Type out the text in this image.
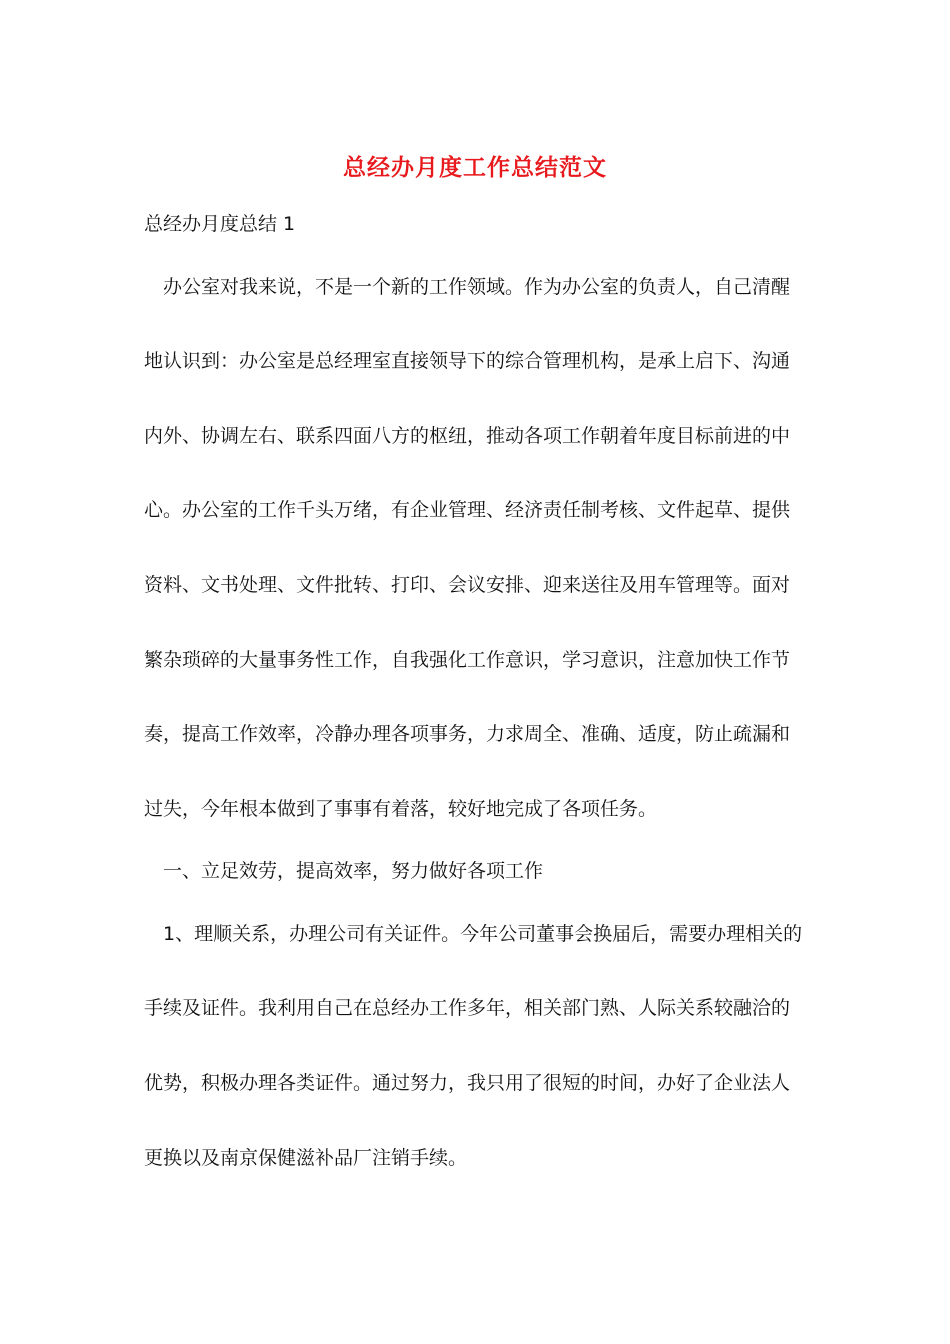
总经办月度工作总结范文

总经办月度总结 1

　办公室对我来说，不是一个新的工作领域。作为办公室的负责人，自己清醒

地认识到：办公室是总经理室直接领导下的综合管理机构，是承上启下、沟通

内外、协调左右、联系四面八方的枢纽，推动各项工作朝着年度目标前进的中

心。办公室的工作千头万绪，有企业管理、经济责任制考核、文件起草、提供

资料、文书处理、文件批转、打印、会议安排、迎来送往及用车管理等。面对

繁杂琐碎的大量事务性工作，自我强化工作意识，学习意识，注意加快工作节

奏，提高工作效率，冷静办理各项事务，力求周全、准确、适度，防止疏漏和

过失，今年根本做到了事事有着落，较好地完成了各项任务。

　一、立足效劳，提高效率，努力做好各项工作

　1、理顺关系，办理公司有关证件。今年公司董事会换届后，需要办理相关的

手续及证件。我利用自己在总经办工作多年，相关部门熟、人际关系较融洽的

优势，积极办理各类证件。通过努力，我只用了很短的时间，办好了企业法人

更换以及南京保健滋补品厂注销手续。
